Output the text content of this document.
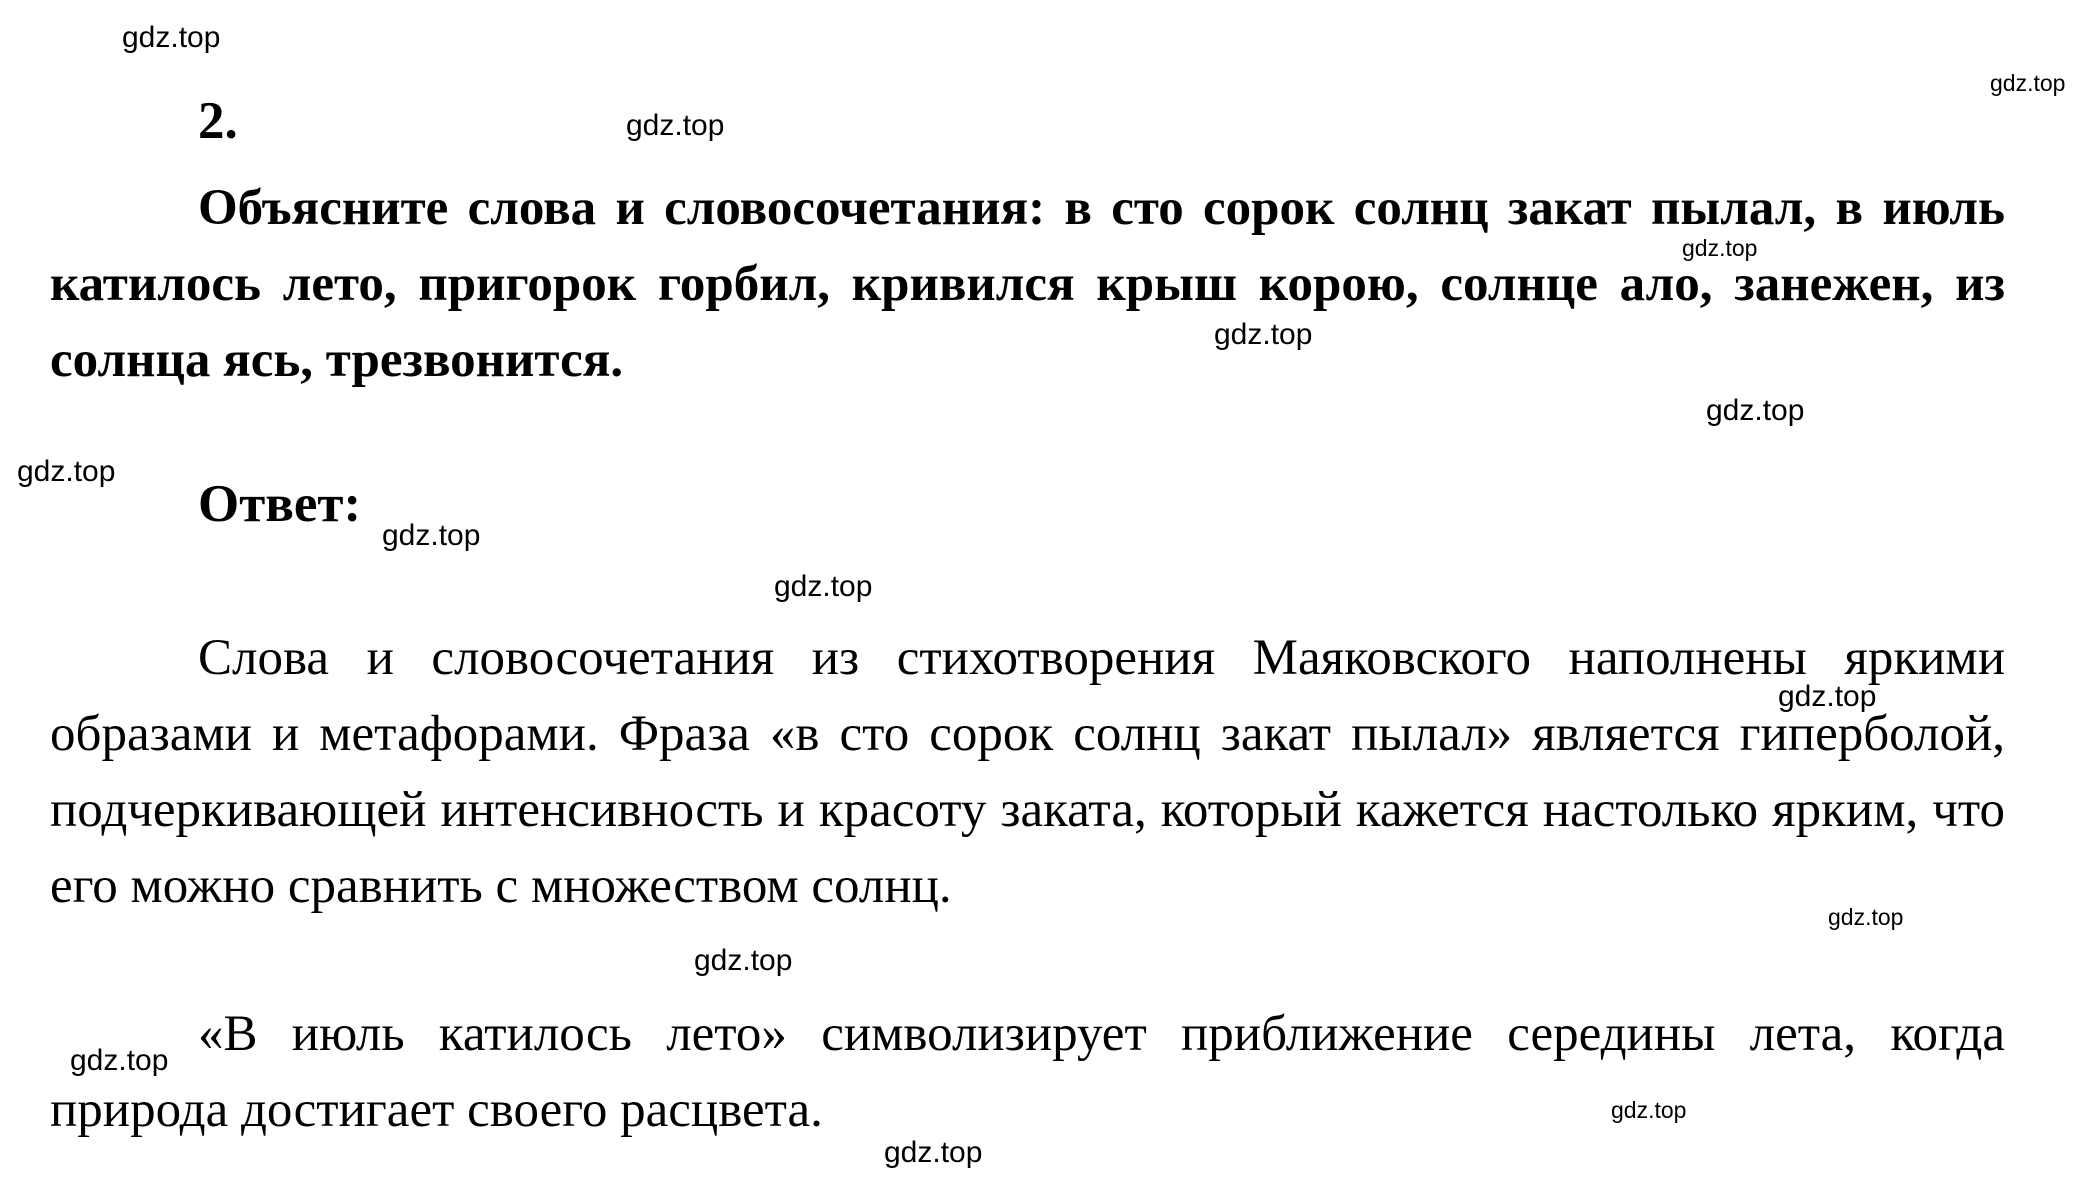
2.

Объясните слова и словосочетания: в сто сорок солнц закат пылал, в июль катилось лето, пригорок горбил, кривился крыш корою, солнце ало, занежен, из солнца ясь, трезвонится.

Ответ:

Слова и словосочетания из стихотворения Маяковского наполнены яркими образами и метафорами. Фраза «в сто сорок солнц закат пылал» является гиперболой, подчеркивающей интенсивность и красоту заката, который кажется настолько ярким, что его можно сравнить с множеством солнц.

«В июль катилось лето» символизирует приближение середины лета, когда природа достигает своего расцвета.

gdz.top
gdz.top
gdz.top
gdz.top
gdz.top
gdz.top
gdz.top
gdz.top
gdz.top
gdz.top
gdz.top
gdz.top
gdz.top
gdz.top
gdz.top
